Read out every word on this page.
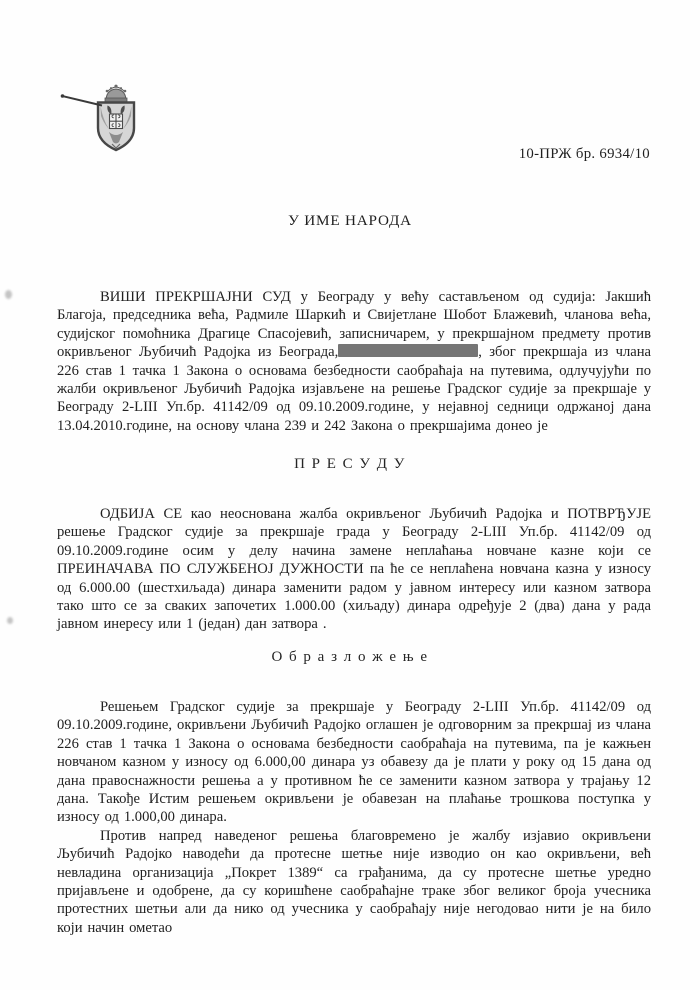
10-ПРЖ бр. 6934/10
У ИМЕ НАРОДА

ВИШИ ПРЕКРШАЈНИ СУД у Београду у већу састављеном од судија: Јакшић Благоја, председника већа, Радмиле Шаркић и Свијетлане Шобот Блажевић, чланова већа, судијског помоћника Драгице Спасојевић, записничарем, у прекршајном предмету против окривљеног Љубичић Радојка из Београда,	, због прекршаја из члана 226 став 1 тачка 1 Закона о основама безбедности саобраћаја на путевима, одлучујући по жалби окривљеног Љубичић Радојка изјављене на решење Градског судије за прекршаје у Београду 2-LIII Уп.бр. 41142/09 од 09.10.2009.године, у нејавној седници одржаној дана 13.04.2010.године, на основу члана 239 и 242 Закона о прекршајима донео је

П Р Е С У Д У

ОДБИЈА СЕ као неоснована жалба окривљеног Љубичић Радојка и ПОТВРЂУЈЕ решење Градског судије за прекршаје града у Београду 2-LIII Уп.бр. 41142/09 од 09.10.2009.године осим у делу начина замене неплаћања новчане казне који се ПРЕИНАЧАВА ПО СЛУЖБЕНОЈ ДУЖНОСТИ па ће се неплаћена новчана казна у износу од 6.000.00 (шестхиљада) динара заменити радом у јавном интересу или казном затвора тако што се за сваких започетих 1.000.00 (хиљаду) динара одређује 2 (два) дана у рада јавном инересу или 1 (један) дан затвора .

О б р а з л о ж е њ е

Решењем Градског судије за прекршаје у Београду 2-LIII Уп.бр. 41142/09 од 09.10.2009.године, окривљени Љубичић Радојко оглашен је одговорним за прекршај из члана 226 став 1 тачка 1 Закона о основама безбедности саобраћаја на путевима, па је кажњен новчаном казном у износу од 6.000,00 динара уз обавезу да је плати у року од 15 дана од дана правоснажности решења а у противном ће се заменити казном затвора у трајању 12 дана. Такође Истим решењем окривљени је обавезан на плаћање трошкова поступка у износу од 1.000,00 динара.

Против напред наведеног решења благовремено је жалбу изјавио окривљени Љубичић Радојко наводећи да протесне шетње није изводио он као окривљени, већ невладина организација „Покрет 1389“ са грађанима, да су протесне шетње уредно пријављене и одобрене, да су коришћене саобраћајне траке због великог броја учесника протестних шетњи али да нико од учесника у саобраћају није негодовао нити је на било који начин ометао
